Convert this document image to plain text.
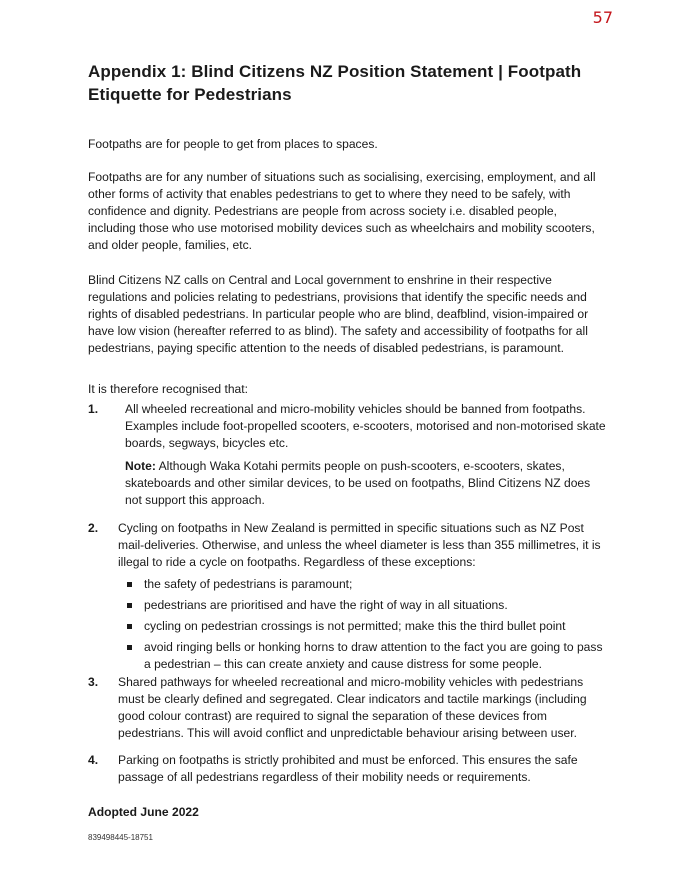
57
Appendix 1: Blind Citizens NZ Position Statement | Footpath Etiquette for Pedestrians

Footpaths are for people to get from places to spaces.

Footpaths are for any number of situations such as socialising, exercising, employment, and all other forms of activity that enables pedestrians to get to where they need to be safely, with confidence and dignity. Pedestrians are people from across society i.e. disabled people, including those who use motorised mobility devices such as wheelchairs and mobility scooters, and older people, families, etc.

Blind Citizens NZ calls on Central and Local government to enshrine in their respective regulations and policies relating to pedestrians, provisions that identify the specific needs and rights of disabled pedestrians. In particular people who are blind, deafblind, vision-impaired or have low vision (hereafter referred to as blind). The safety and accessibility of footpaths for all pedestrians, paying specific attention to the needs of disabled pedestrians, is paramount.

It is therefore recognised that:

1. All wheeled recreational and micro-mobility vehicles should be banned from footpaths. Examples include foot-propelled scooters, e-scooters, motorised and non-motorised skate boards, segways, bicycles etc.

Note: Although Waka Kotahi permits people on push-scooters, e-scooters, skates, skateboards and other similar devices, to be used on footpaths, Blind Citizens NZ does not support this approach.

2. Cycling on footpaths in New Zealand is permitted in specific situations such as NZ Post mail-deliveries. Otherwise, and unless the wheel diameter is less than 355 millimetres, it is illegal to ride a cycle on footpaths. Regardless of these exceptions:

the safety of pedestrians is paramount;
pedestrians are prioritised and have the right of way in all situations.
cycling on pedestrian crossings is not permitted; make this the third bullet point
avoid ringing bells or honking horns to draw attention to the fact you are going to pass a pedestrian – this can create anxiety and cause distress for some people.
3. Shared pathways for wheeled recreational and micro-mobility vehicles with pedestrians must be clearly defined and segregated. Clear indicators and tactile markings (including good colour contrast) are required to signal the separation of these devices from pedestrians. This will avoid conflict and unpredictable behaviour arising between user.

4. Parking on footpaths is strictly prohibited and must be enforced. This ensures the safe passage of all pedestrians regardless of their mobility needs or requirements.

Adopted June 2022

839498445-18751
